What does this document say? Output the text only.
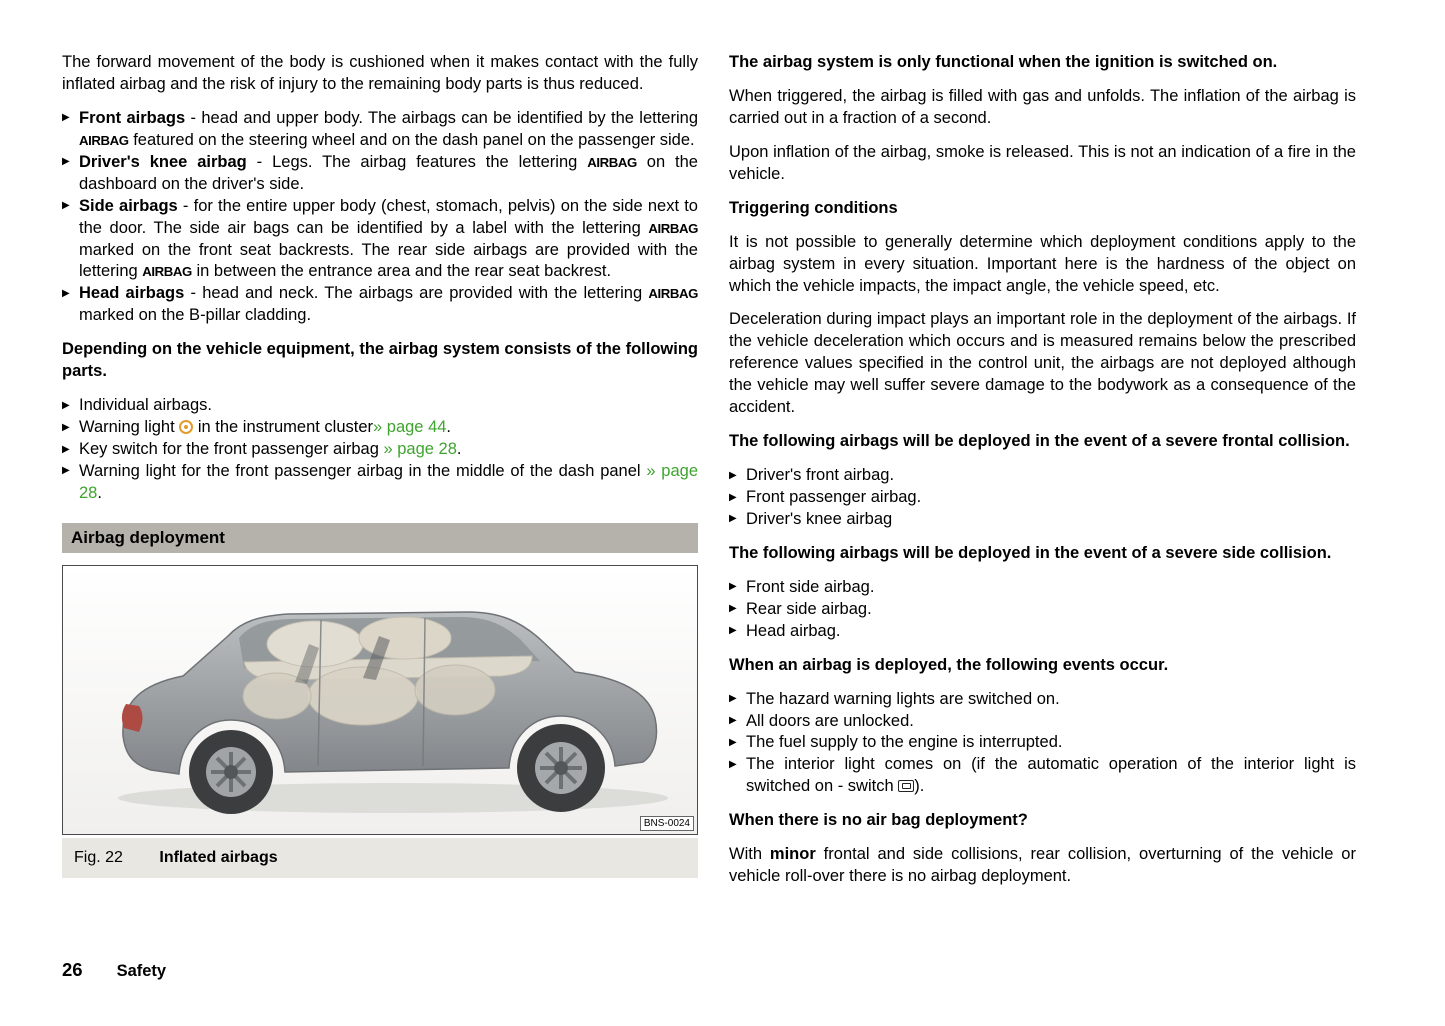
The forward movement of the body is cushioned when it makes contact with the fully inflated airbag and the risk of injury to the remaining body parts is thus reduced.

▶ Front airbags - head and upper body. The airbags can be identified by the lettering AIRBAG featured on the steering wheel and on the dash panel on the passenger side.
▶ Driver's knee airbag - Legs. The airbag features the lettering AIRBAG on the dashboard on the driver's side.
▶ Side airbags - for the entire upper body (chest, stomach, pelvis) on the side next to the door. The side air bags can be identified by a label with the lettering AIRBAG marked on the front seat backrests. The rear side airbags are provided with the lettering AIRBAG in between the entrance area and the rear seat backrest.
▶ Head airbags - head and neck. The airbags are provided with the lettering AIRBAG marked on the B-pillar cladding.

Depending on the vehicle equipment, the airbag system consists of the following parts.

▶ Individual airbags.
▶ Warning light  in the instrument cluster» page 44.
▶ Key switch for the front passenger airbag » page 28.
▶ Warning light for the front passenger airbag in the middle of the dash panel » page 28.
Airbag deployment
BNS-0024
Fig. 22 Inflated airbags

The airbag system is only functional when the ignition is switched on.

When triggered, the airbag is filled with gas and unfolds. The inflation of the airbag is carried out in a fraction of a second.

Upon inflation of the airbag, smoke is released. This is not an indication of a fire in the vehicle.

Triggering conditions

It is not possible to generally determine which deployment conditions apply to the airbag system in every situation. Important here is the hardness of the object on which the vehicle impacts, the impact angle, the vehicle speed, etc.

Deceleration during impact plays an important role in the deployment of the airbags. If the vehicle deceleration which occurs and is measured remains below the prescribed reference values specified in the control unit, the airbags are not deployed although the vehicle may well suffer severe damage to the bodywork as a consequence of the accident.

The following airbags will be deployed in the event of a severe frontal collision.

▶ Driver's front airbag.
▶ Front passenger airbag.
▶ Driver's knee airbag

The following airbags will be deployed in the event of a severe side collision.

▶ Front side airbag.
▶ Rear side airbag.
▶ Head airbag.

When an airbag is deployed, the following events occur.

▶ The hazard warning lights are switched on.
▶ All doors are unlocked.
▶ The fuel supply to the engine is interrupted.
▶ The interior light comes on (if the automatic operation of the interior light is switched on - switch ).

When there is no air bag deployment?

With minor frontal and side collisions, rear collision, overturning of the vehicle or vehicle roll-over there is no airbag deployment.

26 Safety
